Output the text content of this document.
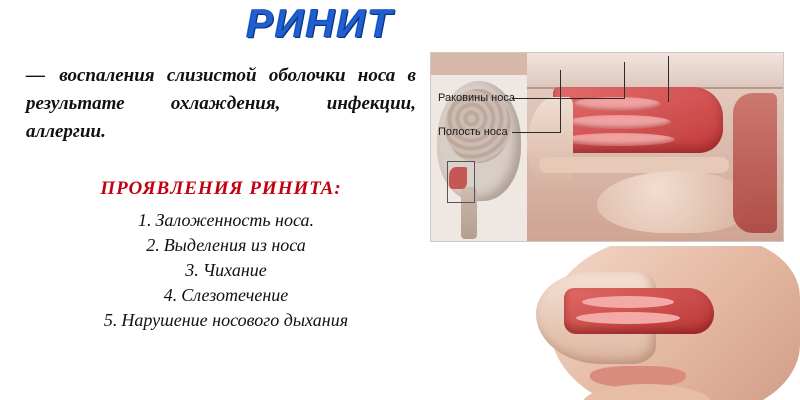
РИНИТ
— воспаления слизистой оболочки носа в результате охлаждения, инфекции, аллергии.
ПРОЯВЛЕНИЯ РИНИТА:
1. Заложенность носа.
2. Выделения из носа
3. Чихание
4. Слезотечение
5. Нарушение носового дыхания
Раковины носа
Полость носа
